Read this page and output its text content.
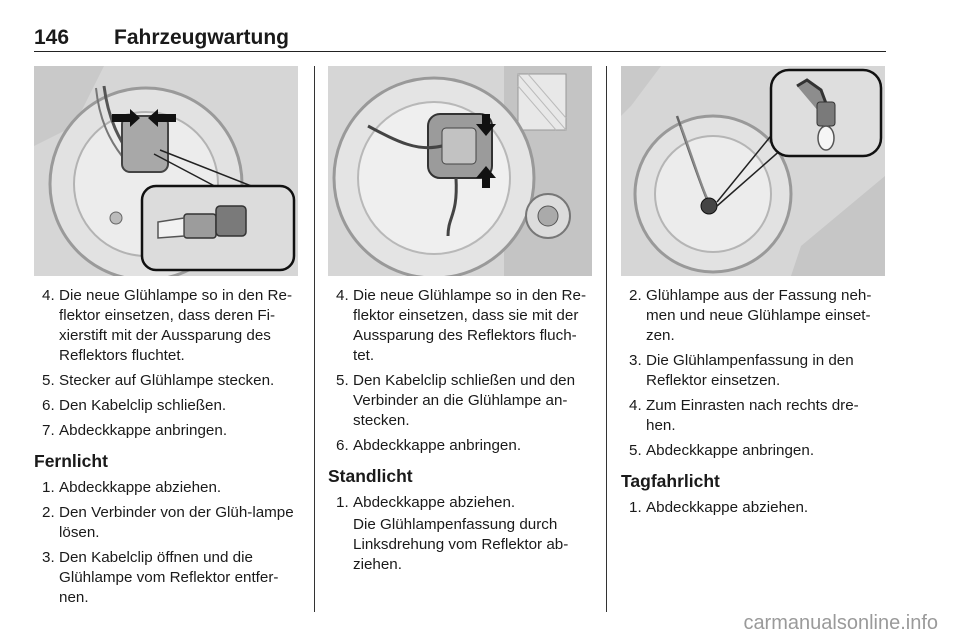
146 Fahrzeugwartung
4. Die neue Glühlampe so in den Re-flektor einsetzen, dass deren Fi-xierstift mit der Aussparung des Reflektors fluchtet.
5. Stecker auf Glühlampe stecken.
6. Den Kabelclip schließen.
7. Abdeckkappe anbringen.
Fernlicht
1. Abdeckkappe abziehen.
2. Den Verbinder von der Glüh-lampe lösen.
3. Den Kabelclip öffnen und die Glühlampe vom Reflektor entfer-nen.
4. Die neue Glühlampe so in den Re-flektor einsetzen, dass sie mit der Aussparung des Reflektors fluch-tet.
5. Den Kabelclip schließen und den Verbinder an die Glühlampe an-stecken.
6. Abdeckkappe anbringen.
Standlicht
1. Abdeckkappe abziehen.
Die Glühlampenfassung durch Linksdrehung vom Reflektor ab-ziehen.
2. Glühlampe aus der Fassung neh-men und neue Glühlampe einset-zen.
3. Die Glühlampenfassung in den Reflektor einsetzen.
4. Zum Einrasten nach rechts dre-hen.
5. Abdeckkappe anbringen.
Tagfahrlicht
1. Abdeckkappe abziehen.
carmanualsonline.info
